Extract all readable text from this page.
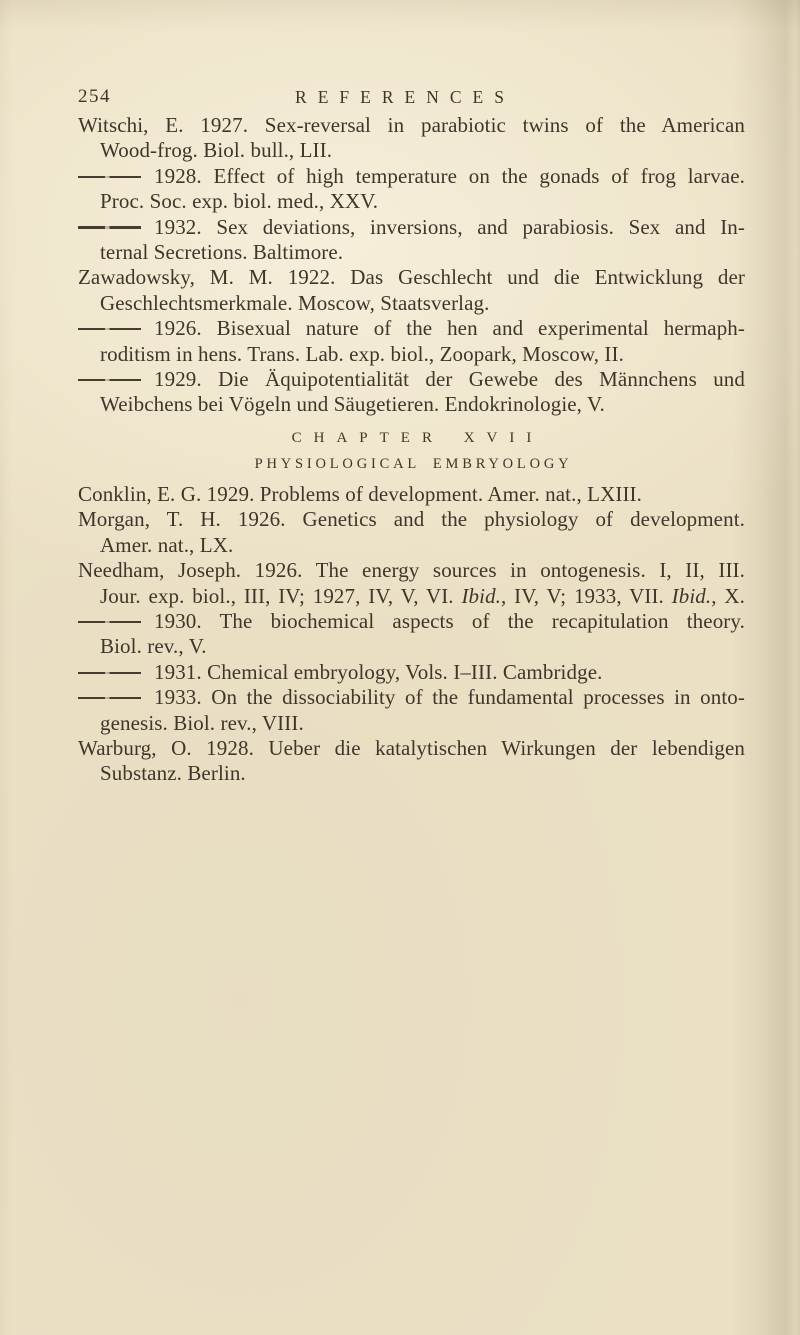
254	REFERENCES
Witschi, E. 1927. Sex-reversal in parabiotic twins of the American
Wood-frog. Biol. bull., LII.
1928. Effect of high temperature on the gonads of frog larvae.
Proc. Soc. exp. biol. med., XXV.
1932. Sex deviations, inversions, and parabiosis. Sex and In-
ternal Secretions. Baltimore.
Zawadowsky, M. M. 1922. Das Geschlecht und die Entwicklung der
Geschlechtsmerkmale. Moscow, Staatsverlag.
1926. Bisexual nature of the hen and experimental hermaph-
roditism in hens. Trans. Lab. exp. biol., Zoopark, Moscow, II.
1929. Die Äquipotentialität der Gewebe des Männchens und
Weibchens bei Vögeln und Säugetieren. Endokrinologie, V.
CHAPTER XVII
PHYSIOLOGICAL EMBRYOLOGY
Conklin, E. G. 1929. Problems of development. Amer. nat., LXIII.
Morgan, T. H. 1926. Genetics and the physiology of development.
Amer. nat., LX.
Needham, Joseph. 1926. The energy sources in ontogenesis. I, II, III.
Jour. exp. biol., III, IV; 1927, IV, V, VI. Ibid., IV, V; 1933, VII. Ibid., X.
1930. The biochemical aspects of the recapitulation theory.
Biol. rev., V.
1931. Chemical embryology, Vols. I–III. Cambridge.
1933. On the dissociability of the fundamental processes in onto-
genesis. Biol. rev., VIII.
Warburg, O. 1928. Ueber die katalytischen Wirkungen der lebendigen
Substanz. Berlin.
